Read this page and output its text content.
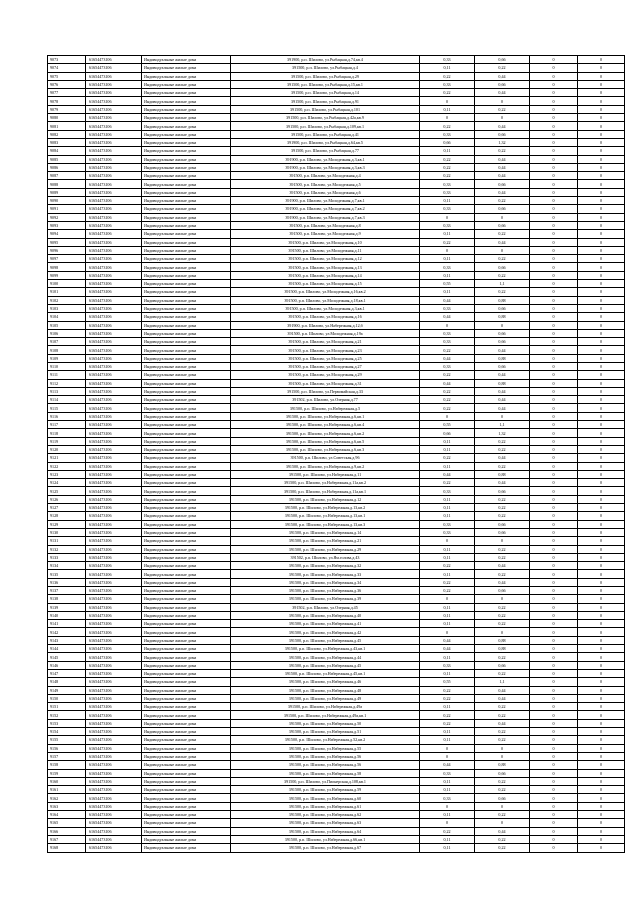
9073	61654473106	Индивидуальные жилые дома	391900, р.п. Шилово, ул.Рыбацкая,д.74,кв.4	0,33	0,66	0	0
9074	61654473106	Индивидуальные жилые дома	391500, р.п. Шилово, ул.Рыбацкая,д.4	0,11	0,22	0	0
9075	61654473106	Индивидуальные жилые дома	391500, р.п. Шилово, ул.Рыбацкая,д.29	0,22	0,44	0	0
9076	61654473106	Индивидуальные жилые дома	391500, р.п. Шилово, ул.Рыбацкая,д.15,кв.1	0,33	0,66	0	0
9077	61654473106	Индивидуальные жилые дома	391500, р.п. Шилово, ул.Рыбацкая,д.14	0,22	0,44	0	0
9078	61654473106	Индивидуальные жилые дома	391500, р.п. Шилово, ул.Рыбацкая,д.91	0	0	0	0
9079	61654473106	Индивидуальные жилые дома	391500, р.п. Шилово, ул.Рыбацкая,д.101	0,11	0,22	0	0
9080	61654473106	Индивидуальные жилые дома	391500, р.п. Шилово, ул.Рыбацкая,д.42а,кв.9	0	0	0	0
9081	61654473106	Индивидуальные жилые дома	391500, р.п. Шилово, ул.Рыбацкая,д.109,кв.1	0,22	0,44	0	0
9082	61654473106	Индивидуальные жилые дома	391500, р.п. Шилово, ул.Рыбацкая,д.41	0,33	0,66	0	0
9083	61654473106	Индивидуальные жилые дома	391900, р.п. Шилово, ул.Рыбацкая,д.64,кв.5	0,66	1,32	0	0
9084	61654473106	Индивидуальные жилые дома	391500, р.п. Шилово, ул.Рыбацкая,д.77	0,11	0,22	0	0
9085	61654473106	Индивидуальные жилые дома	391900, р.п. Шилово, ул.Молодежная,д.3,кв.1	0,22	0,44	0	0
9086	61654473106	Индивидуальные жилые дома	391900, р.п. Шилово, ул.Молодежная,д.3,кв.3	0,22	0,44	0	0
9087	61654473106	Индивидуальные жилые дома	391500, р.п. Шилово, ул.Молодежная,д.4	0,22	0,44	0	0
9088	61654473106	Индивидуальные жилые дома	391500, р.п. Шилово, ул.Молодежная,д.5	0,33	0,66	0	0
9089	61654473106	Индивидуальные жилые дома	391500, р.п. Шилово, ул.Молодежная,д.6	0,33	0,44	0	0
9090	61654473106	Индивидуальные жилые дома	391900, р.п. Шилово, ул.Молодежная,д.7,кв.1	0,11	0,22	0	0
9091	61654473106	Индивидуальные жилые дома	391900, р.п. Шилово, ул.Молодежная,д.7,кв.2	0,33	0,66	0	0
9092	61654473106	Индивидуальные жилые дома	391900, р.п. Шилово, ул.Молодежная,д.7,кв.3	0	0	0	0
9093	61654473106	Индивидуальные жилые дома	391500, р.п. Шилово, ул.Молодежная,д.8	0,33	0,66	0	0
9094	61654473106	Индивидуальные жилые дома	391500, р.п. Шилово, ул.Молодежная,д.9	0,11	0,22	0	0
9095	61654473106	Индивидуальные жилые дома	391500, р.п. Шилово, ул.Молодежная,д.10	0,22	0,44	0	0
9096	61654473106	Индивидуальные жилые дома	391500, р.п. Шилово, ул.Молодежная,д.11	0	0	0	0
9097	61654473106	Индивидуальные жилые дома	391500, р.п. Шилово, ул.Молодежная,д.12	0,11	0,22	0	0
9098	61654473106	Индивидуальные жилые дома	391500, р.п. Шилово, ул.Молодежная,д.13	0,33	0,66	0	0
9099	61654473106	Индивидуальные жилые дома	391500, р.п. Шилово, ул.Молодежная,д.14	0,11	0,22	0	0
9100	61654473106	Индивидуальные жилые дома	391500, р.п. Шилово, ул.Молодежная,д.15	0,55	1,1	0	0
9101	61654473106	Индивидуальные жилые дома	391500, р.п. Шилово, ул.Молодежная,д.16,кв.2	0,11	0,22	0	0
9102	61654473106	Индивидуальные жилые дома	391500, р.п. Шилово, ул.Молодежная,д.18,кв.1	0,44	0,88	0	0
9103	61654473106	Индивидуальные жилые дома	391500, р.п. Шилово, ул.Молодежная,д.3,кв.1	0,33	0,66	0	0
9104	61654473106	Индивидуальные жилые дома	391500, р.п. Шилово, ул.Молодежная,д.16	0,44	0,88	0	0
9105	61654473106	Индивидуальные жилые дома	391900, р.п. Шилово, ул.Набережная,д.12,б	0	0	0	0
9106	61654473106	Индивидуальные жилые дома	391500, р.п. Шилово, ул.Молодежная,д.19а	0,33	0,66	0	0
9107	61654473106	Индивидуальные жилые дома	391500, р.п. Шилово, ул.Молодежная,д.21	0,33	0,66	0	0
9108	61654473106	Индивидуальные жилые дома	391500, р.п. Шилово, ул.Молодежная,д.23	0,22	0,44	0	0
9109	61654473106	Индивидуальные жилые дома	391500, р.п. Шилово, ул.Молодежная,д.25	0,44	0,88	0	0
9110	61654473106	Индивидуальные жилые дома	391500, р.п. Шилово, ул.Молодежная,д.27	0,33	0,66	0	0
9111	61654473106	Индивидуальные жилые дома	391500, р.п. Шилово, ул.Молодежная,д.29	0,22	0,44	0	0
9112	61654473106	Индивидуальные жилые дома	391500, р.п. Шилово, ул.Молодежная,д.31	0,44	0,88	0	0
9113	61654473106	Индивидуальные жилые дома	391500, р.п. Шилово, ул.Первомайская,д.33	0,22	0,44	0	0
9114	61654473106	Индивидуальные жилые дома	391502, р.п. Шилово, ул.Озерная,д.77	0,22	0,44	0	0
9115	61654473106	Индивидуальные жилые дома	391500, р.п. Шилово, ул.Набережная,д.5	0,22	0,44	0	0
9116	61654473106	Индивидуальные жилые дома	391500, р.п. Шилово, ул.Набережная,д.6,кв.1	0	0	0	0
9117	61654473106	Индивидуальные жилые дома	391500, р.п. Шилово, ул.Набережная,д.6,кв.4	0,55	1,1	0	0
9118	61654473106	Индивидуальные жилые дома	391500, р.п. Шилово, ул.Набережная,д.6,кв.2	0,66	1,32	0	0
9119	61654473106	Индивидуальные жилые дома	391500, р.п. Шилово, ул.Набережная,д.6,кв.5	0,11	0,22	0	0
9120	61654473106	Индивидуальные жилые дома	391500, р.п. Шилово, ул.Набережная,д.6,кв.3	0,11	0,22	0	0
9121	61654473106	Индивидуальные жилые дома	391500, р.п. Шилово, ул.Советская,д.96	0,22	0,44	0	0
9122	61654473106	Индивидуальные жилые дома	391500, р.п. Шилово, ул.Набережная,д.9,кв.2	0,11	0,22	0	0
9123	61654473106	Индивидуальные жилые дома	391500, р.п. Шилово, ул.Набережная,д.11	0,44	0,88	0	0
9124	61654473106	Индивидуальные жилые дома	391500, р.п. Шилово, ул.Набережная,д.11а,кв.2	0,22	0,44	0	0
9125	61654473106	Индивидуальные жилые дома	391500, р.п. Шилово, ул.Набережная,д.11а,кв.1	0,33	0,66	0	0
9126	61654473106	Индивидуальные жилые дома	391500, р.п. Шилово, ул.Набережная,д.12	0,11	0,22	0	0
9127	61654473106	Индивидуальные жилые дома	391500, р.п. Шилово, ул.Набережная,д.13,кв.2	0,11	0,22	0	0
9128	61654473106	Индивидуальные жилые дома	391500, р.п. Шилово, ул.Набережная,д.13,кв.1	0,11	0,22	0	0
9129	61654473106	Индивидуальные жилые дома	391500, р.п. Шилово, ул.Набережная,д.13,кв.3	0,33	0,66	0	0
9130	61654473106	Индивидуальные жилые дома	391500, р.п. Шилово, ул.Набережная,д.14	0,33	0,66	0	0
9131	61654473106	Индивидуальные жилые дома	391500, р.п. Шилово, ул.Набережная,д.21	0	0	0	0
9132	61654473106	Индивидуальные жилые дома	391500, р.п. Шилово, ул.Набережная,д.29	0,11	0,22	0	0
9133	61654473106	Индивидуальные жилые дома	391502, р.п. Шилово, ул.Ям.голова,д.43	0,11	0,22	0	0
9134	61654473106	Индивидуальные жилые дома	391500, р.п. Шилово, ул.Набережная,д.32	0,22	0,44	0	0
9135	61654473106	Индивидуальные жилые дома	391500, р.п. Шилово, ул.Набережная,д.33	0,11	0,22	0	0
9136	61654473106	Индивидуальные жилые дома	391500, р.п. Шилово, ул.Набережная,д.34	0,22	0,44	0	0
9137	61654473106	Индивидуальные жилые дома	391500, р.п. Шилово, ул.Набережная,д.36	0,22	0,66	0	0
9138	61654473106	Индивидуальные жилые дома	391500, р.п. Шилово, ул.Набережная,д.39	0	0	0	0
9139	61654473106	Индивидуальные жилые дома	391502, р.п. Шилово, ул.Озерная,д.45	0,11	0,22	0	0
9140	61654473106	Индивидуальные жилые дома	391500, р.п. Шилово, ул.Набережная,д.40	0,11	0,22	0	0
9141	61654473106	Индивидуальные жилые дома	391500, р.п. Шилово, ул.Набережная,д.41	0,11	0,22	0	0
9142	61654473106	Индивидуальные жилые дома	391500, р.п. Шилово, ул.Набережная,д.42	0	0	0	0
9143	61654473106	Индивидуальные жилые дома	391500, р.п. Шилово, ул.Набережная,д.45	0,44	0,88	0	0
9144	61654473106	Индивидуальные жилые дома	391500, р.п. Шилово, ул.Набережная,д.43,кв.1	0,44	0,88	0	0
9145	61654473106	Индивидуальные жилые дома	391500, р.п. Шилово, ул.Набережная,д.44	0,11	0,22	0	0
9146	61654473106	Индивидуальные жилые дома	391500, р.п. Шилово, ул.Набережная,д.45	0,33	0,66	0	0
9147	61654473106	Индивидуальные жилые дома	391500, р.п. Шилово, ул.Набережная,д.45,кв.1	0,11	0,22	0	0
9148	61654473106	Индивидуальные жилые дома	391500, р.п. Шилово, ул.Набережная,д.46	0,55	1,1	0	0
9149	61654473106	Индивидуальные жилые дома	391500, р.п. Шилово, ул.Набережная,д.48	0,22	0,44	0	0
9150	61654473106	Индивидуальные жилые дома	391500, р.п. Шилово, ул.Набережная,д.49	0,22	0,44	0	0
9151	61654473106	Индивидуальные жилые дома	391500, р.п. Шилово, ул.Набережная,д.49а	0,11	0,22	0	0
9152	61654473106	Индивидуальные жилые дома	391500, р.п. Шилово, ул.Набережная,д.49а,кв.1	0,22	0,22	0	0
9153	61654473106	Индивидуальные жилые дома	391500, р.п. Шилово, ул.Набережная,д.50	0,22	0,44	0	0
9154	61654473106	Индивидуальные жилые дома	391500, р.п. Шилово, ул.Набережная,д.51	0,11	0,22	0	0
9155	61654473106	Индивидуальные жилые дома	391500, р.п. Шилово, ул.Набережная,д.52,кв.2	0,11	0,22	0	0
9156	61654473106	Индивидуальные жилые дома	391500, р.п. Шилово, ул.Набережная,д.55	0	0	0	0
9157	61654473106	Индивидуальные жилые дома	391500, р.п. Шилово, ул.Набережная,д.56	0	0	0	0
9158	61654473106	Индивидуальные жилые дома	391500, р.п. Шилово, ул.Набережная,д.56	0,44	0,88	0	0
9159	61654473106	Индивидуальные жилые дома	391500, р.п. Шилово, ул.Набережная,д.58	0,33	0,66	0	0
9160	61654473106	Индивидуальные жилые дома	391500, р.п. Шилово, ул.Пионерская,д.108,кв.1	0,11	0,22	0	0
9161	61654473106	Индивидуальные жилые дома	391500, р.п. Шилово, ул.Набережная,д.59	0,11	0,22	0	0
9162	61654473106	Индивидуальные жилые дома	391500, р.п. Шилово, ул.Набережная,д.60	0,33	0,66	0	0
9163	61654473106	Индивидуальные жилые дома	391500, р.п. Шилово, ул.Набережная,д.61	0	0	0	0
9164	61654473106	Индивидуальные жилые дома	391500, р.п. Шилово, ул.Набережная,д.62	0,11	0,22	0	0
9165	61654473106	Индивидуальные жилые дома	391500, р.п. Шилово, ул.Набережная,д.63	0	0	0	0
9166	61654473106	Индивидуальные жилые дома	391500, р.п. Шилово, ул.Набережная,д.64	0,22	0,44	0	0
9167	61654473106	Индивидуальные жилые дома	391500, р.п. Шилово, ул.Набережная,д.66,кв.1	0,11	0,22	0	0
9168	61654473106	Индивидуальные жилые дома	391500, р.п. Шилово, ул.Набережная,д.67	0,11	0,22	0	0
